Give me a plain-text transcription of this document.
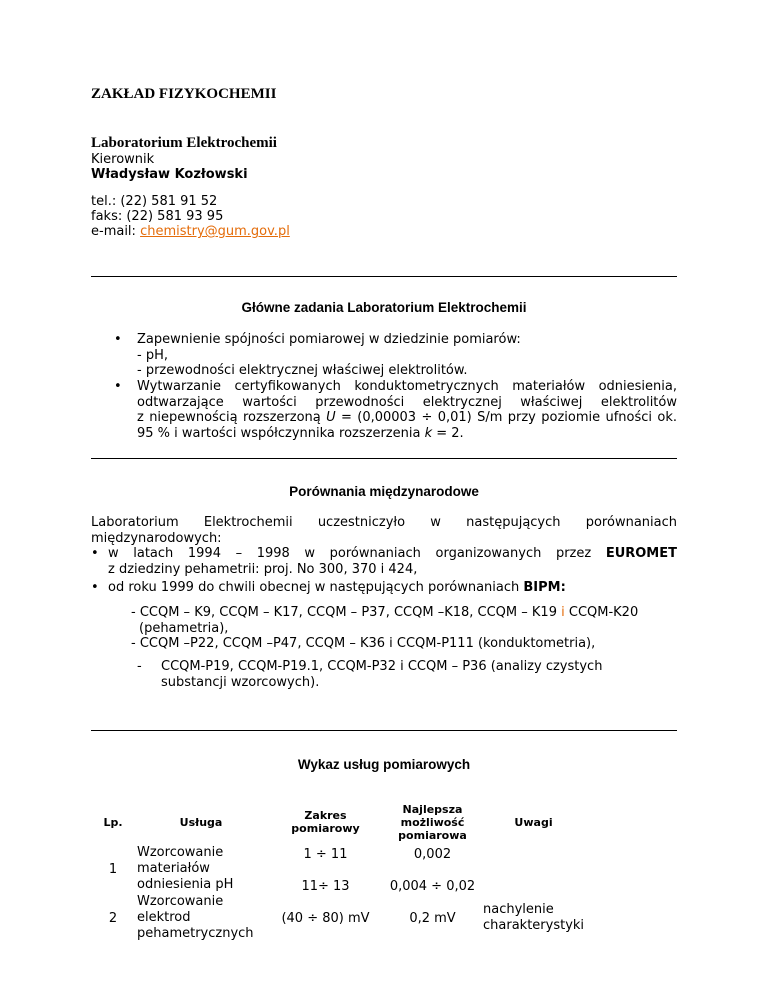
ZAKŁAD FIZYKOCHEMII
Laboratorium Elektrochemii
Kierownik
Władysław Kozłowski
tel.: (22) 581 91 52
faks: (22) 581 93 95
e-mail: chemistry@gum.gov.pl
Główne zadania Laboratorium Elektrochemii
• Zapewnienie spójności pomiarowej w dziedzinie pomiarów:
- pH,
- przewodności elektrycznej właściwej elektrolitów.
• Wytwarzanie certyfikowanych konduktometrycznych materiałów odniesienia,
odtwarzające wartości przewodności elektrycznej właściwej elektrolitów
z niepewnością rozszerzoną U = (0,00003 ÷ 0,01) S/m przy poziomie ufności ok.
95 % i wartości współczynnika rozszerzenia k = 2.
Porównania międzynarodowe
Laboratorium Elektrochemii uczestniczyło w następujących porównaniach
międzynarodowych:
• w latach 1994 – 1998 w porównaniach organizowanych przez EUROMET
z dziedziny pehametrii: proj. No 300, 370 i 424,
• od roku 1999 do chwili obecnej w następujących porównaniach BIPM:
- CCQM – K9, CCQM – K17, CCQM – P37, CCQM –K18, CCQM – K19 i CCQM-K20
(pehametria),
- CCQM –P22, CCQM –P47, CCQM – K36 i CCQM-P111 (konduktometria),
- CCQM-P19, CCQM-P19.1, CCQM-P32 i CCQM – P36 (analizy czystych
substancji wzorcowych).
Wykaz usług pomiarowych
Lp.	Usługa	Zakres pomiarowy	Najlepsza możliwość pomiarowa	Uwagi
1	Wzorcowanie materiałów odniesienia pH	1 ÷ 11	0,002	
		11÷ 13	0,004 ÷ 0,02	
2	Wzorcowanie elektrod pehametrycznych	(40 ÷ 80) mV	0,2 mV	nachylenie charakterystyki
